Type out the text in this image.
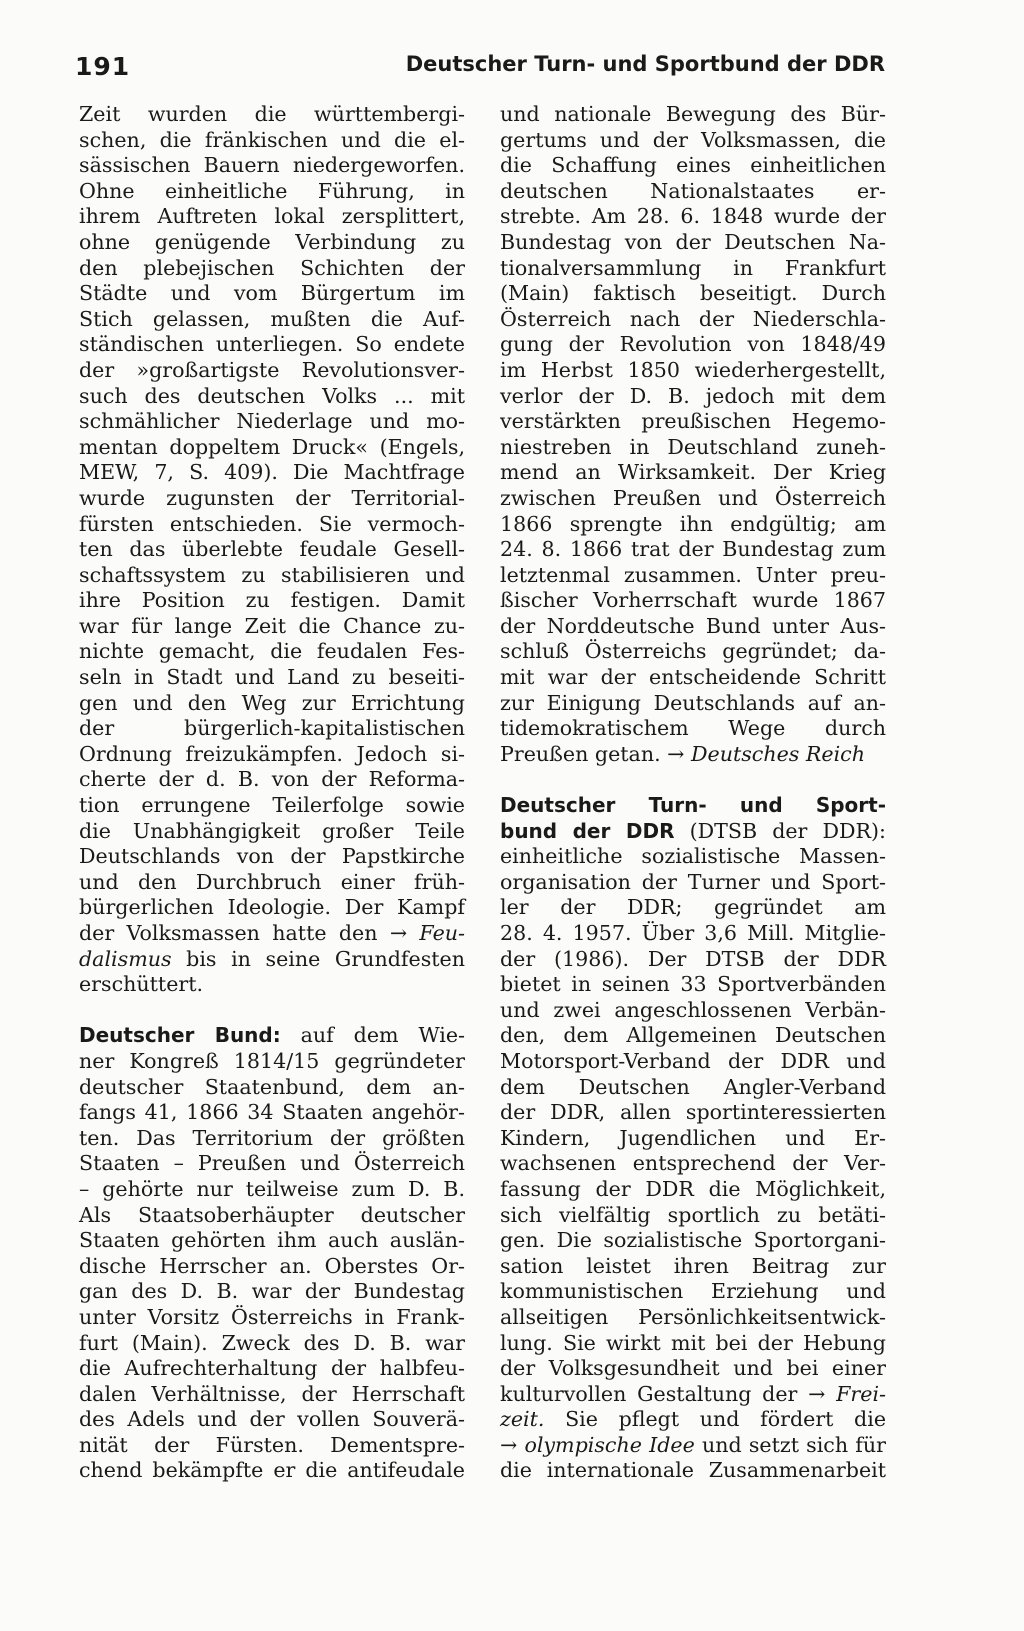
191	Deutscher Turn- und Sportbund der DDR
Zeit wurden die württembergi-
schen, die fränkischen und die el-
sässischen Bauern niedergeworfen.
Ohne einheitliche Führung, in
ihrem Auftreten lokal zersplittert,
ohne genügende Verbindung zu
den plebejischen Schichten der
Städte und vom Bürgertum im
Stich gelassen, mußten die Auf-
ständischen unterliegen. So endete
der »großartigste Revolutionsver-
such des deutschen Volks ... mit
schmählicher Niederlage und mo-
mentan doppeltem Druck« (Engels,
MEW, 7, S. 409). Die Machtfrage
wurde zugunsten der Territorial-
fürsten entschieden. Sie vermoch-
ten das überlebte feudale Gesell-
schaftssystem zu stabilisieren und
ihre Position zu festigen. Damit
war für lange Zeit die Chance zu-
nichte gemacht, die feudalen Fes-
seln in Stadt und Land zu beseiti-
gen und den Weg zur Errichtung
der bürgerlich-kapitalistischen
Ordnung freizukämpfen. Jedoch si-
cherte der d. B. von der Reforma-
tion errungene Teilerfolge sowie
die Unabhängigkeit großer Teile
Deutschlands von der Papstkirche
und den Durchbruch einer früh-
bürgerlichen Ideologie. Der Kampf
der Volksmassen hatte den → Feu-
dalismus bis in seine Grundfesten
erschüttert.
Deutscher Bund: auf dem Wie-
ner Kongreß 1814/15 gegründeter
deutscher Staatenbund, dem an-
fangs 41, 1866 34 Staaten angehör-
ten. Das Territorium der größten
Staaten – Preußen und Österreich
– gehörte nur teilweise zum D. B.
Als Staatsoberhäupter deutscher
Staaten gehörten ihm auch auslän-
dische Herrscher an. Oberstes Or-
gan des D. B. war der Bundestag
unter Vorsitz Österreichs in Frank-
furt (Main). Zweck des D. B. war
die Aufrechterhaltung der halbfeu-
dalen Verhältnisse, der Herrschaft
des Adels und der vollen Souverä-
nität der Fürsten. Dementspre-
chend bekämpfte er die antifeudale
und nationale Bewegung des Bür-
gertums und der Volksmassen, die
die Schaffung eines einheitlichen
deutschen Nationalstaates er-
strebte. Am 28. 6. 1848 wurde der
Bundestag von der Deutschen Na-
tionalversammlung in Frankfurt
(Main) faktisch beseitigt. Durch
Österreich nach der Niederschla-
gung der Revolution von 1848/49
im Herbst 1850 wiederhergestellt,
verlor der D. B. jedoch mit dem
verstärkten preußischen Hegemo-
niestreben in Deutschland zuneh-
mend an Wirksamkeit. Der Krieg
zwischen Preußen und Österreich
1866 sprengte ihn endgültig; am
24. 8. 1866 trat der Bundestag zum
letztenmal zusammen. Unter preu-
ßischer Vorherrschaft wurde 1867
der Norddeutsche Bund unter Aus-
schluß Österreichs gegründet; da-
mit war der entscheidende Schritt
zur Einigung Deutschlands auf an-
tidemokratischem Wege durch
Preußen getan. → Deutsches Reich
Deutscher Turn- und Sport-
bund der DDR (DTSB der DDR):
einheitliche sozialistische Massen-
organisation der Turner und Sport-
ler der DDR; gegründet am
28. 4. 1957. Über 3,6 Mill. Mitglie-
der (1986). Der DTSB der DDR
bietet in seinen 33 Sportverbänden
und zwei angeschlossenen Verbän-
den, dem Allgemeinen Deutschen
Motorsport-Verband der DDR und
dem Deutschen Angler-Verband
der DDR, allen sportinteressierten
Kindern, Jugendlichen und Er-
wachsenen entsprechend der Ver-
fassung der DDR die Möglichkeit,
sich vielfältig sportlich zu betäti-
gen. Die sozialistische Sportorgani-
sation leistet ihren Beitrag zur
kommunistischen Erziehung und
allseitigen Persönlichkeitsentwick-
lung. Sie wirkt mit bei der Hebung
der Volksgesundheit und bei einer
kulturvollen Gestaltung der → Frei-
zeit. Sie pflegt und fördert die
→ olympische Idee und setzt sich für
die internationale Zusammenarbeit
